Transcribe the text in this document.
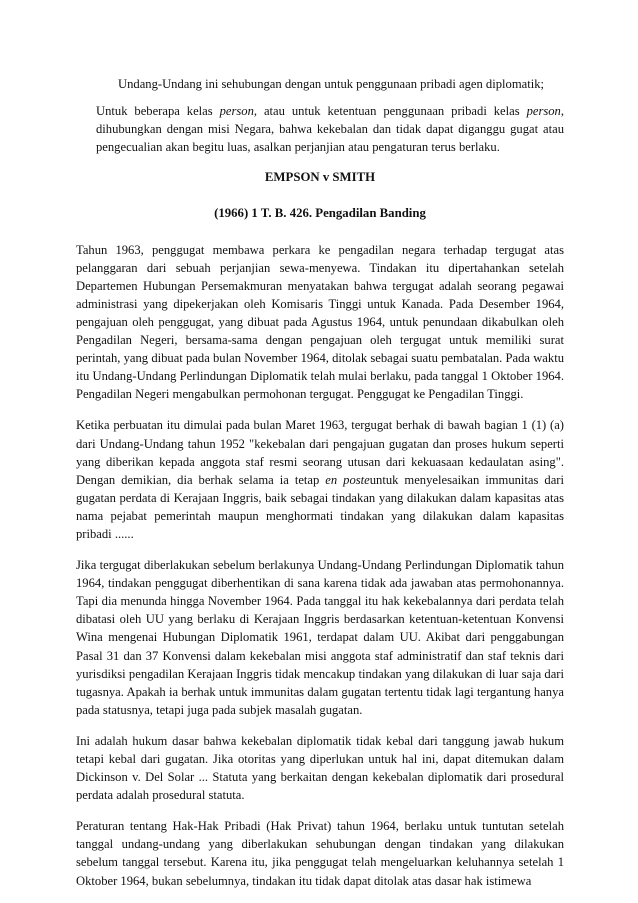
Undang-Undang ini sehubungan dengan untuk penggunaan pribadi agen diplomatik;

Untuk beberapa kelas person, atau untuk ketentuan penggunaan pribadi kelas person, dihubungkan dengan misi Negara, bahwa kekebalan dan tidak dapat diganggu gugat atau pengecualian akan begitu luas, asalkan perjanjian atau pengaturan terus berlaku.

EMPSON v SMITH

(1966) 1 T. B. 426. Pengadilan Banding

Tahun 1963, penggugat membawa perkara ke pengadilan negara terhadap tergugat atas pelanggaran dari sebuah perjanjian sewa-menyewa. Tindakan itu dipertahankan setelah Departemen Hubungan Persemakmuran menyatakan bahwa tergugat adalah seorang pegawai administrasi yang dipekerjakan oleh Komisaris Tinggi untuk Kanada. Pada Desember 1964, pengajuan oleh penggugat, yang dibuat pada Agustus 1964, untuk penundaan dikabulkan oleh Pengadilan Negeri, bersama-sama dengan pengajuan oleh tergugat untuk memiliki surat perintah, yang dibuat pada bulan November 1964, ditolak sebagai suatu pembatalan. Pada waktu itu Undang-Undang Perlindungan Diplomatik telah mulai berlaku, pada tanggal 1 Oktober 1964. Pengadilan Negeri mengabulkan permohonan tergugat. Penggugat ke Pengadilan Tinggi.

Ketika perbuatan itu dimulai pada bulan Maret 1963, tergugat berhak di bawah bagian 1 (1) (a) dari Undang-Undang tahun 1952 "kekebalan dari pengajuan gugatan dan proses hukum seperti yang diberikan kepada anggota staf resmi seorang utusan dari kekuasaan kedaulatan asing". Dengan demikian, dia berhak selama ia tetap en posteuntuk menyelesaikan immunitas dari gugatan perdata di Kerajaan Inggris, baik sebagai tindakan yang dilakukan dalam kapasitas atas nama pejabat pemerintah maupun menghormati tindakan yang dilakukan dalam kapasitas pribadi ......

Jika tergugat diberlakukan sebelum berlakunya Undang-Undang Perlindungan Diplomatik tahun 1964, tindakan penggugat diberhentikan di sana karena tidak ada jawaban atas permohonannya. Tapi dia menunda hingga November 1964. Pada tanggal itu hak kekebalannya dari perdata telah dibatasi oleh UU yang berlaku di Kerajaan Inggris berdasarkan ketentuan-ketentuan Konvensi Wina mengenai Hubungan Diplomatik 1961, terdapat dalam UU. Akibat dari penggabungan Pasal 31 dan 37 Konvensi dalam kekebalan misi anggota staf administratif dan staf teknis dari yurisdiksi pengadilan Kerajaan Inggris tidak mencakup tindakan yang dilakukan di luar saja dari tugasnya. Apakah ia berhak untuk immunitas dalam gugatan tertentu tidak lagi tergantung hanya pada statusnya, tetapi juga pada subjek masalah gugatan.

Ini adalah hukum dasar bahwa kekebalan diplomatik tidak kebal dari tanggung jawab hukum tetapi kebal dari gugatan. Jika otoritas yang diperlukan untuk hal ini, dapat ditemukan dalam Dickinson v. Del Solar ... Statuta yang berkaitan dengan kekebalan diplomatik dari prosedural perdata adalah prosedural statuta.

Peraturan tentang Hak-Hak Pribadi (Hak Privat) tahun 1964, berlaku untuk tuntutan setelah tanggal undang-undang yang diberlakukan sehubungan dengan tindakan yang dilakukan sebelum tanggal tersebut. Karena itu, jika penggugat telah mengeluarkan keluhannya setelah 1 Oktober 1964, bukan sebelumnya, tindakan itu tidak dapat ditolak atas dasar hak istimewa
